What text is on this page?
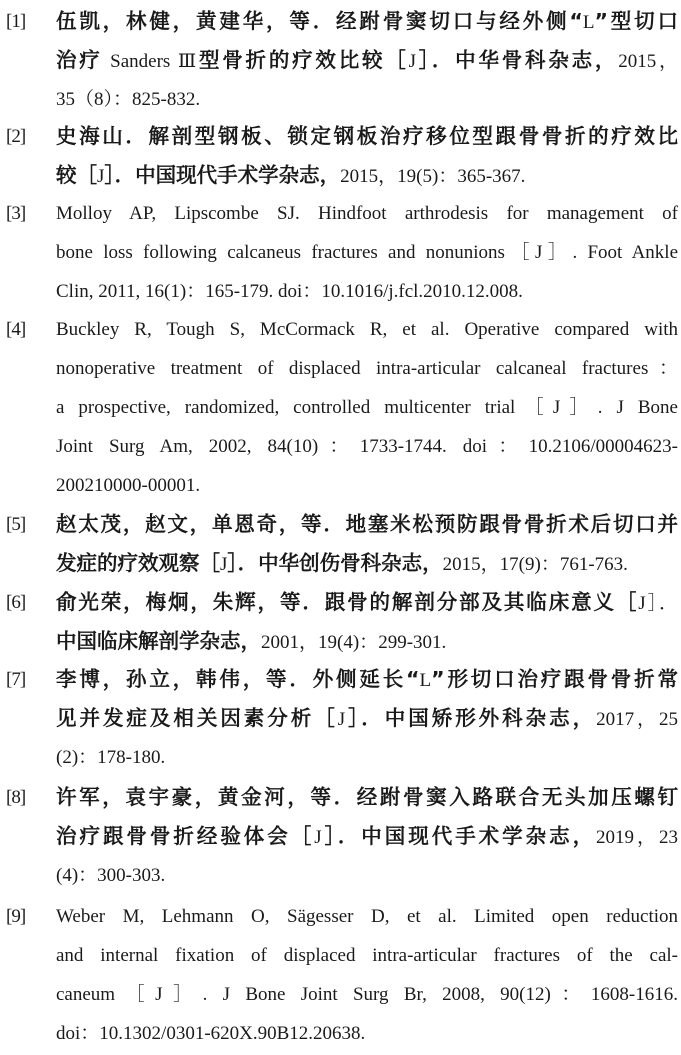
[1] 伍凯，林健，黄建华，等．经跗骨窦切口与经外侧“L”型切口
治疗 Sanders Ⅲ型骨折的疗效比较［J］．中华骨科杂志，2015，
35（8）：825-832.
[2] 史海山．解剖型钢板、锁定钢板治疗移位型跟骨骨折的疗效比
较［J］．中国现代手术学杂志，2015，19(5)：365-367.
[3] Molloy AP, Lipscombe SJ. Hindfoot arthrodesis for management of
bone loss following calcaneus fractures and nonunions［J］. Foot Ankle
Clin, 2011, 16(1)：165-179. doi：10.1016/j.fcl.2010.12.008.
[4] Buckley R, Tough S, McCormack R, et al. Operative compared with
nonoperative treatment of displaced intra-articular calcaneal fractures：
a prospective, randomized, controlled multicenter trial［J］. J Bone
Joint Surg Am, 2002, 84(10)：1733-1744. doi：10.2106/00004623-
200210000-00001.
[5] 赵太茂，赵文，单恩奇，等．地塞米松预防跟骨骨折术后切口并
发症的疗效观察［J］．中华创伤骨科杂志，2015，17(9)：761-763.
[6] 俞光荣，梅炯，朱辉，等．跟骨的解剖分部及其临床意义［J］．
中国临床解剖学杂志，2001，19(4)：299-301.
[7] 李博，孙立，韩伟，等．外侧延长“L”形切口治疗跟骨骨折常
见并发症及相关因素分析［J］．中国矫形外科杂志，2017，25
(2)：178-180.
[8] 许军，袁宇豪，黄金河，等．经跗骨窦入路联合无头加压螺钉
治疗跟骨骨折经验体会［J］．中国现代手术学杂志，2019，23
(4)：300-303.
[9] Weber M, Lehmann O, Sägesser D, et al. Limited open reduction
and internal fixation of displaced intra-articular fractures of the cal-
caneum［J］. J Bone Joint Surg Br, 2008, 90(12)：1608-1616.
doi：10.1302/0301-620X.90B12.20638.
